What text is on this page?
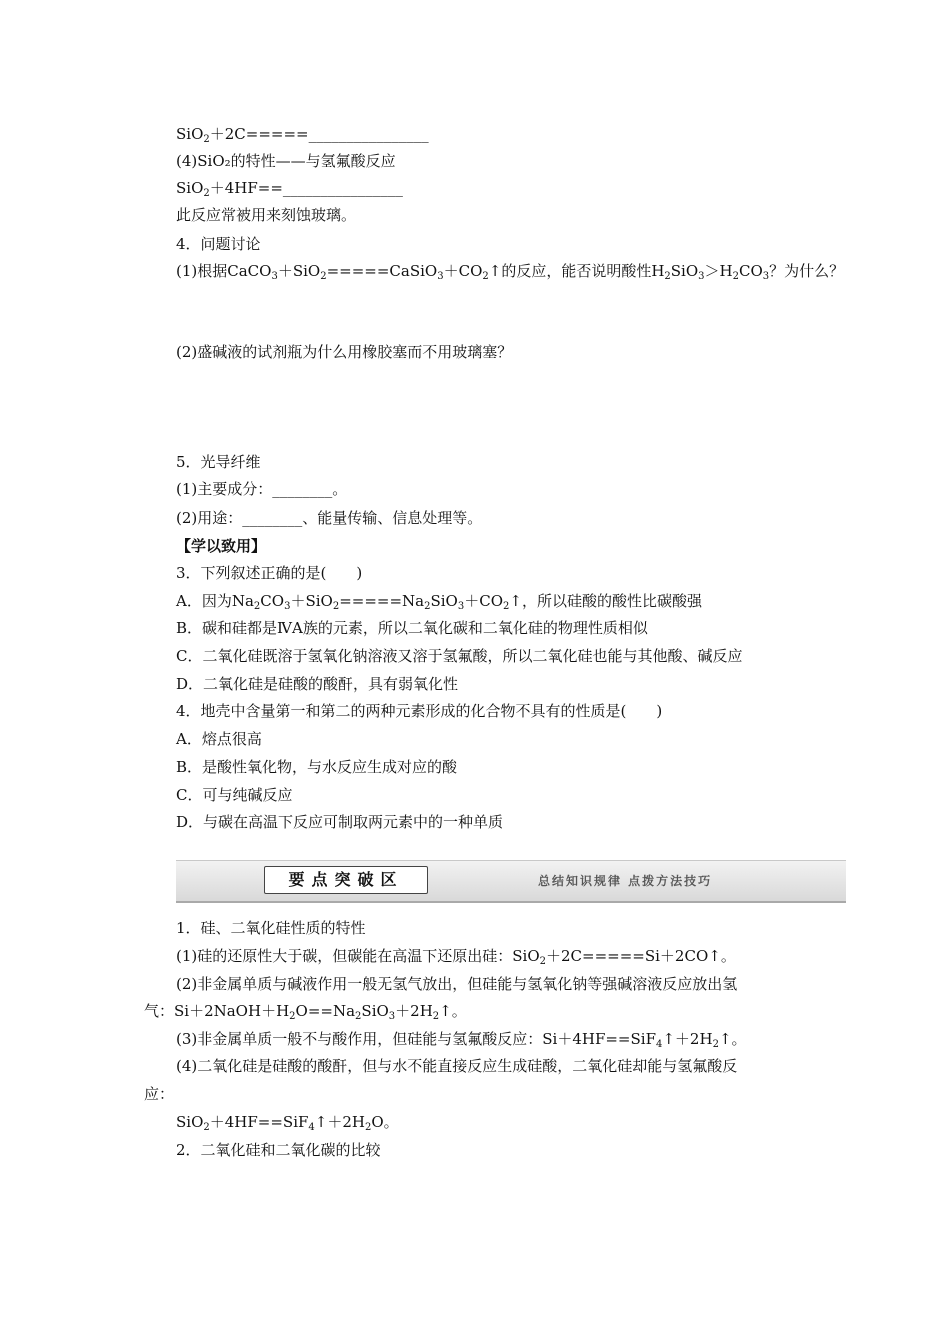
SiO$_2$＋2C=====________________
(4)SiO₂的特性——与氢氟酸反应
SiO$_2$＋4HF==________________
此反应常被用来刻蚀玻璃。
4．问题讨论
(1)根据$CaCO_3+SiO_2=====CaSiO_3+CO_2↑$的反应，能否说明酸性$H_2SiO_3>H_2CO_3$？为什么？
(2)盛碱液的试剂瓶为什么用橡胶塞而不用玻璃塞？
5．光导纤维
(1)主要成分：________。
(2)用途：________、能量传输、信息处理等。
【学以致用】
3．下列叙述正确的是(　　)
A．因为$Na_2CO_3+SiO_2=====Na_2SiO_3+CO_2↑$，所以硅酸的酸性比碳酸强
B．碳和硅都是ⅣA族的元素，所以二氧化碳和二氧化硅的物理性质相似
C．二氧化硅既溶于氢氧化钠溶液又溶于氢氟酸，所以二氧化硅也能与其他酸、碱反应
D．二氧化硅是硅酸的酸酐，具有弱氧化性
4．地壳中含量第一和第二的两种元素形成的化合物不具有的性质是(　　)
A．熔点很高
B．是酸性氧化物，与水反应生成对应的酸
C．可与纯碱反应
D．与碳在高温下反应可制取两元素中的一种单质
要点突破区	总结知识规律 点拨方法技巧
1．硅、二氧化硅性质的特性
(1)硅的还原性大于碳，但碳能在高温下还原出硅：SiO$_2$＋2C=====Si＋2CO↑。
(2)非金属单质与碱液作用一般无氢气放出，但硅能与氢氧化钠等强碱溶液反应放出氢
气：$Si+2NaOH+H_2O==Na_2SiO_3+2H_2↑$。
(3)非金属单质一般不与酸作用，但硅能与氢氟酸反应：$Si+4HF==SiF_4↑+2H_2↑$。
(4)二氧化硅是硅酸的酸酐，但与水不能直接反应生成硅酸，二氧化硅却能与氢氟酸反
应：
$SiO_2+4HF==SiF_4↑+2H_2O$。
2．二氧化硅和二氧化碳的比较
